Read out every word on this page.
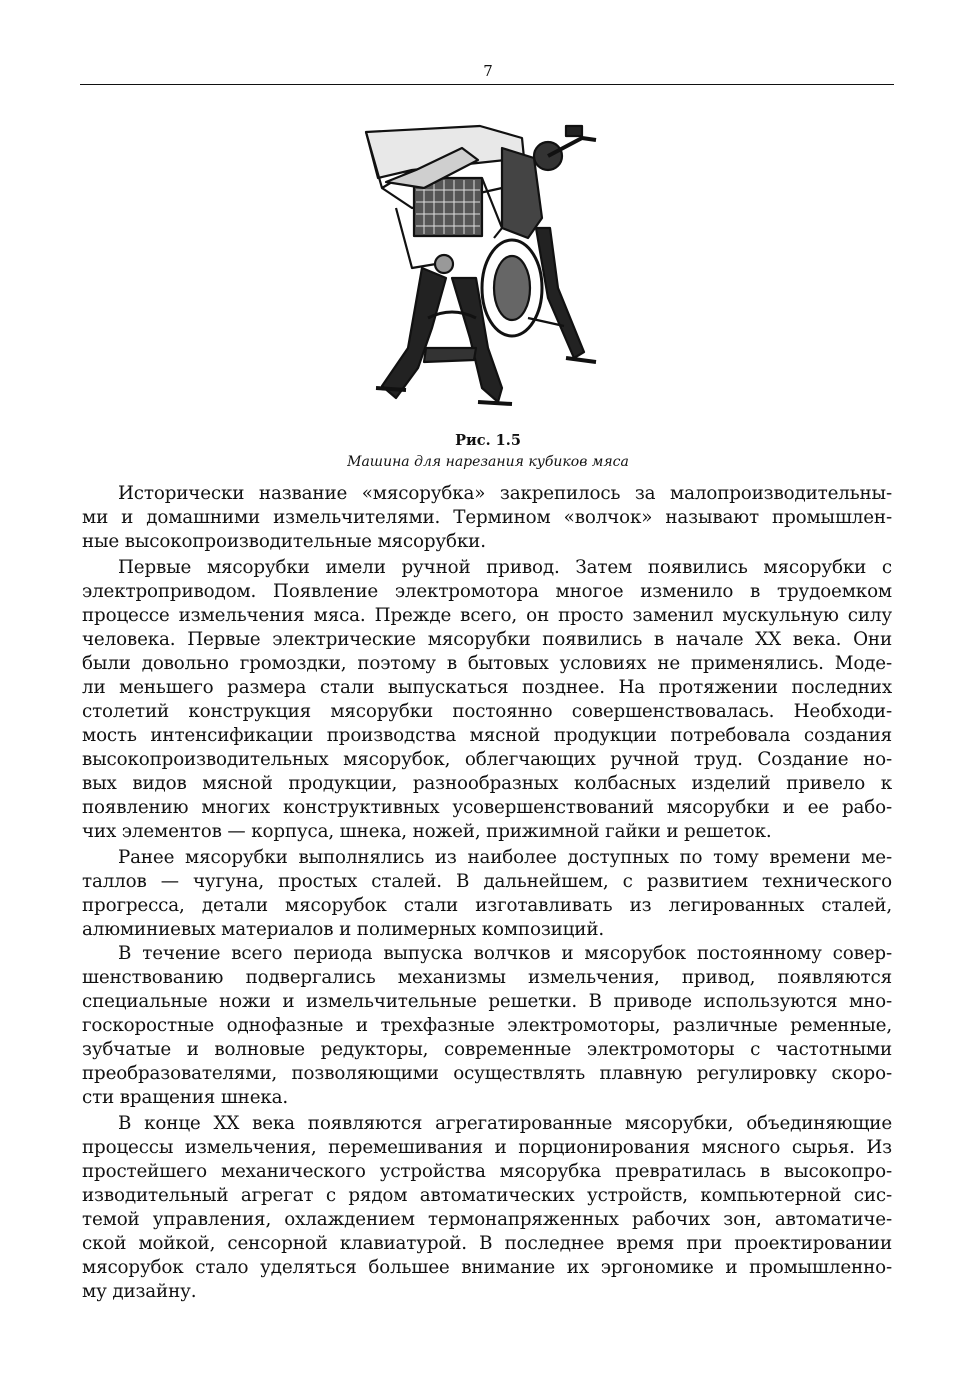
7
Рис. 1.5
Машина для нарезания кубиков мяса
Исторически название «мясорубка» закрепилось за малопроизводительны-
ми и домашними измельчителями. Термином «волчок» называют промышлен-
ные высокопроизводительные мясорубки.
Первые мясорубки имели ручной привод. Затем появились мясорубки с
электроприводом. Появление электромотора многое изменило в трудоемком
процессе измельчения мяса. Прежде всего, он просто заменил мускульную силу
человека. Первые электрические мясорубки появились в начале XX века. Они
были довольно громоздки, поэтому в бытовых условиях не применялись. Моде-
ли меньшего размера стали выпускаться позднее. На протяжении последних
столетий конструкция мясорубки постоянно совершенствовалась. Необходи-
мость интенсификации производства мясной продукции потребовала создания
высокопроизводительных мясорубок, облегчающих ручной труд. Создание но-
вых видов мясной продукции, разнообразных колбасных изделий привело к
появлению многих конструктивных усовершенствований мясорубки и ее рабо-
чих элементов — корпуса, шнека, ножей, прижимной гайки и решеток.
Ранее мясорубки выполнялись из наиболее доступных по тому времени ме-
таллов — чугуна, простых сталей. В дальнейшем, с развитием технического
прогресса, детали мясорубок стали изготавливать из легированных сталей,
алюминиевых материалов и полимерных композиций.
В течение всего периода выпуска волчков и мясорубок постоянному совер-
шенствованию подвергались механизмы измельчения, привод, появляются
специальные ножи и измельчительные решетки. В приводе используются мно-
госкоростные однофазные и трехфазные электромоторы, различные ременные,
зубчатые и волновые редукторы, современные электромоторы с частотными
преобразователями, позволяющими осуществлять плавную регулировку скоро-
сти вращения шнека.
В конце XX века появляются агрегатированные мясорубки, объединяющие
процессы измельчения, перемешивания и порционирования мясного сырья. Из
простейшего механического устройства мясорубка превратилась в высокопро-
изводительный агрегат с рядом автоматических устройств, компьютерной сис-
темой управления, охлаждением термонапряженных рабочих зон, автоматиче-
ской мойкой, сенсорной клавиатурой. В последнее время при проектировании
мясорубок стало уделяться большее внимание их эргономике и промышленно-
му дизайну.
